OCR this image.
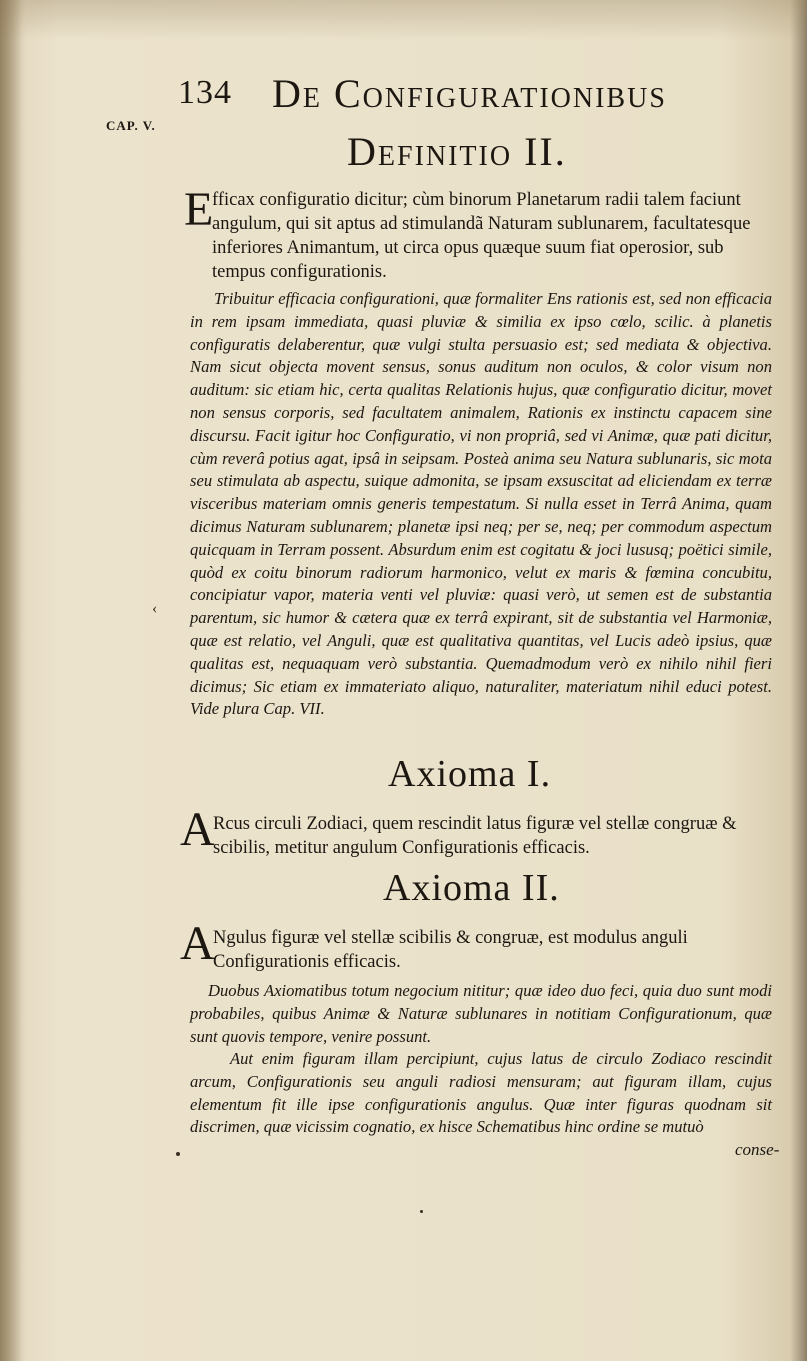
134 De Configurationibus
CAP. V.
Definitio II.
E
fficax configuratio dicitur; cùm binorum Planetarum radii talem faciunt angulum, qui sit aptus ad stimulandã Naturam sublunarem, facultatesque inferiores Animantum, ut circa opus quæque suum fiat operosior, sub tempus configurationis.
Tribuitur efficacia configurationi, quæ formaliter Ens rationis est, sed non efficacia in rem ipsam immediata, quasi pluviæ & similia ex ipso cœlo, scilic. à planetis configuratis delaberentur, quæ vulgi stulta persuasio est; sed mediata & objectiva. Nam sicut objecta movent sensus, sonus auditum non oculos, & color visum non auditum: sic etiam hic, certa qualitas Relationis hujus, quæ configuratio dicitur, movet non sensus corporis, sed facultatem animalem, Rationis ex instinctu capacem sine discursu. Facit igitur hoc Configuratio, vi non propriâ, sed vi Animæ, quæ pati dicitur, cùm reverâ potius agat, ipsâ in seipsam. Posteà anima seu Natura sublunaris, sic mota seu stimulata ab aspectu, suique admonita, se ipsam exsuscitat ad eliciendam ex terræ visceribus materiam omnis generis tempestatum. Si nulla esset in Terrâ Anima, quam dicimus Naturam sublunarem; planetæ ipsi neq; per se, neq; per commodum aspectum quicquam in Terram possent. Absurdum enim est cogitatu & joci lususq; poëtici simile, quòd ex coitu binorum radiorum harmonico, velut ex maris & fœmina concubitu, concipiatur vapor, materia venti vel pluviæ: quasi verò, ut semen est de substantia parentum, sic humor & cætera quæ ex terrâ expirant, sit de substantia vel Harmoniæ, quæ est relatio, vel Anguli, quæ est qualitativa quantitas, vel Lucis adeò ipsius, quæ qualitas est, nequaquam verò substantia. Quemadmodum verò ex nihilo nihil fieri dicimus; Sic etiam ex immateriato aliquo, naturaliter, materiatum nihil educi potest. Vide plura Cap. VII.
‹
Axioma I.
A
Rcus circuli Zodiaci, quem rescindit latus figuræ vel stellæ congruæ & scibilis, metitur angulum Configurationis efficacis.
Axioma II.
A
Ngulus figuræ vel stellæ scibilis & congruæ, est modulus anguli Configurationis efficacis.
Duobus Axiomatibus totum negocium nititur; quæ ideo duo feci, quia duo sunt modi probabiles, quibus Animæ & Naturæ sublunares in notitiam Configurationum, quæ sunt quovis tempore, venire possunt.
Aut enim figuram illam percipiunt, cujus latus de circulo Zodiaco rescindit arcum, Configurationis seu anguli radiosi mensuram; aut figuram illam, cujus elementum fit ille ipse configurationis angulus. Quæ inter figuras quodnam sit discrimen, quæ vicissim cognatio, ex hisce Schematibus hinc ordine se mutuò
conse-
